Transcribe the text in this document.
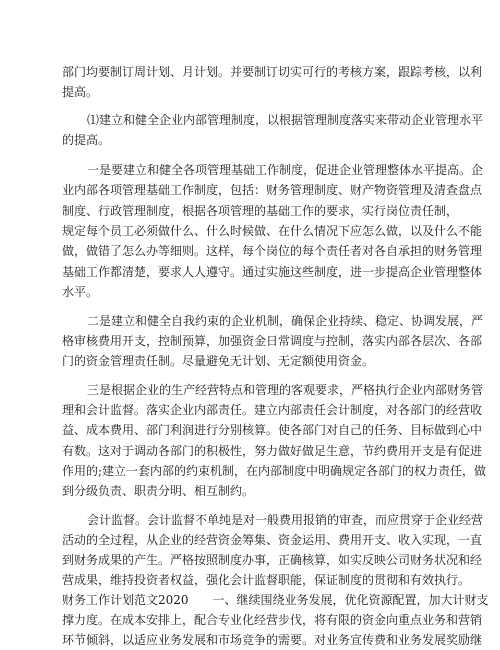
部门均要制订周计划、月计划。并要制订切实可行的考核方案，跟踪考核，以利
提高。
⑴建立和健全企业内部管理制度，以根据管理制度落实来带动企业管理水平
的提高。
一是要建立和健全各项管理基础工作制度，促进企业管理整体水平提高。企
业内部各项管理基础工作制度，包括：财务管理制度、财产物资管理及清查盘点
制度、行政管理制度，根据各项管理的基础工作的要求，实行岗位责任制，
规定每个员工必须做什么、什么时候做、在什么情况下应怎么做，以及什么不能
做，做错了怎么办等细则。这样，每个岗位的每个责任者对各自承担的财务管理
基础工作都清楚，要求人人遵守。通过实施这些制度，进一步提高企业管理整体
水平。
二是建立和健全自我约束的企业机制，确保企业持续、稳定、协调发展，严
格审核费用开支，控制预算，加强资金日常调度与控制，落实内部各层次、各部
门的资金管理责任制。尽量避免无计划、无定额使用资金。
三是根据企业的生产经营特点和管理的客观要求，严格执行企业内部财务管
理和会计监督。落实企业内部责任。建立内部责任会计制度，对各部门的经营收
益、成本费用、部门利润进行分别核算。使各部门对自己的任务、目标做到心中
有数。这对于调动各部门的积极性，努力做好做足生意，节约费用开支是有促进
作用的;建立一套内部的约束机制，在内部制度中明确规定各部门的权力责任，做
到分级负责、职责分明、相互制约。
会计监督。会计监督不单纯是对一般费用报销的审查，而应贯穿于企业经营
活动的全过程，从企业的经营资金筹集、资金运用、费用开支、收入实现，一直
到财务成果的产生。严格按照制度办事，正确核算，如实反映公司财务状况和经
营成果，维持投资者权益，强化会计监督职能，保证制度的贯彻和有效执行。
财务工作计划范文2020　　一、继续围绕业务发展，优化资源配置，加大计财支
撑力度。在成本安排上，配合专业化经营步伐，将有限的资金向重点业务和营销
环节倾斜，以适应业务发展和市场竞争的需要。对业务宣传费和业务发展奖励继
